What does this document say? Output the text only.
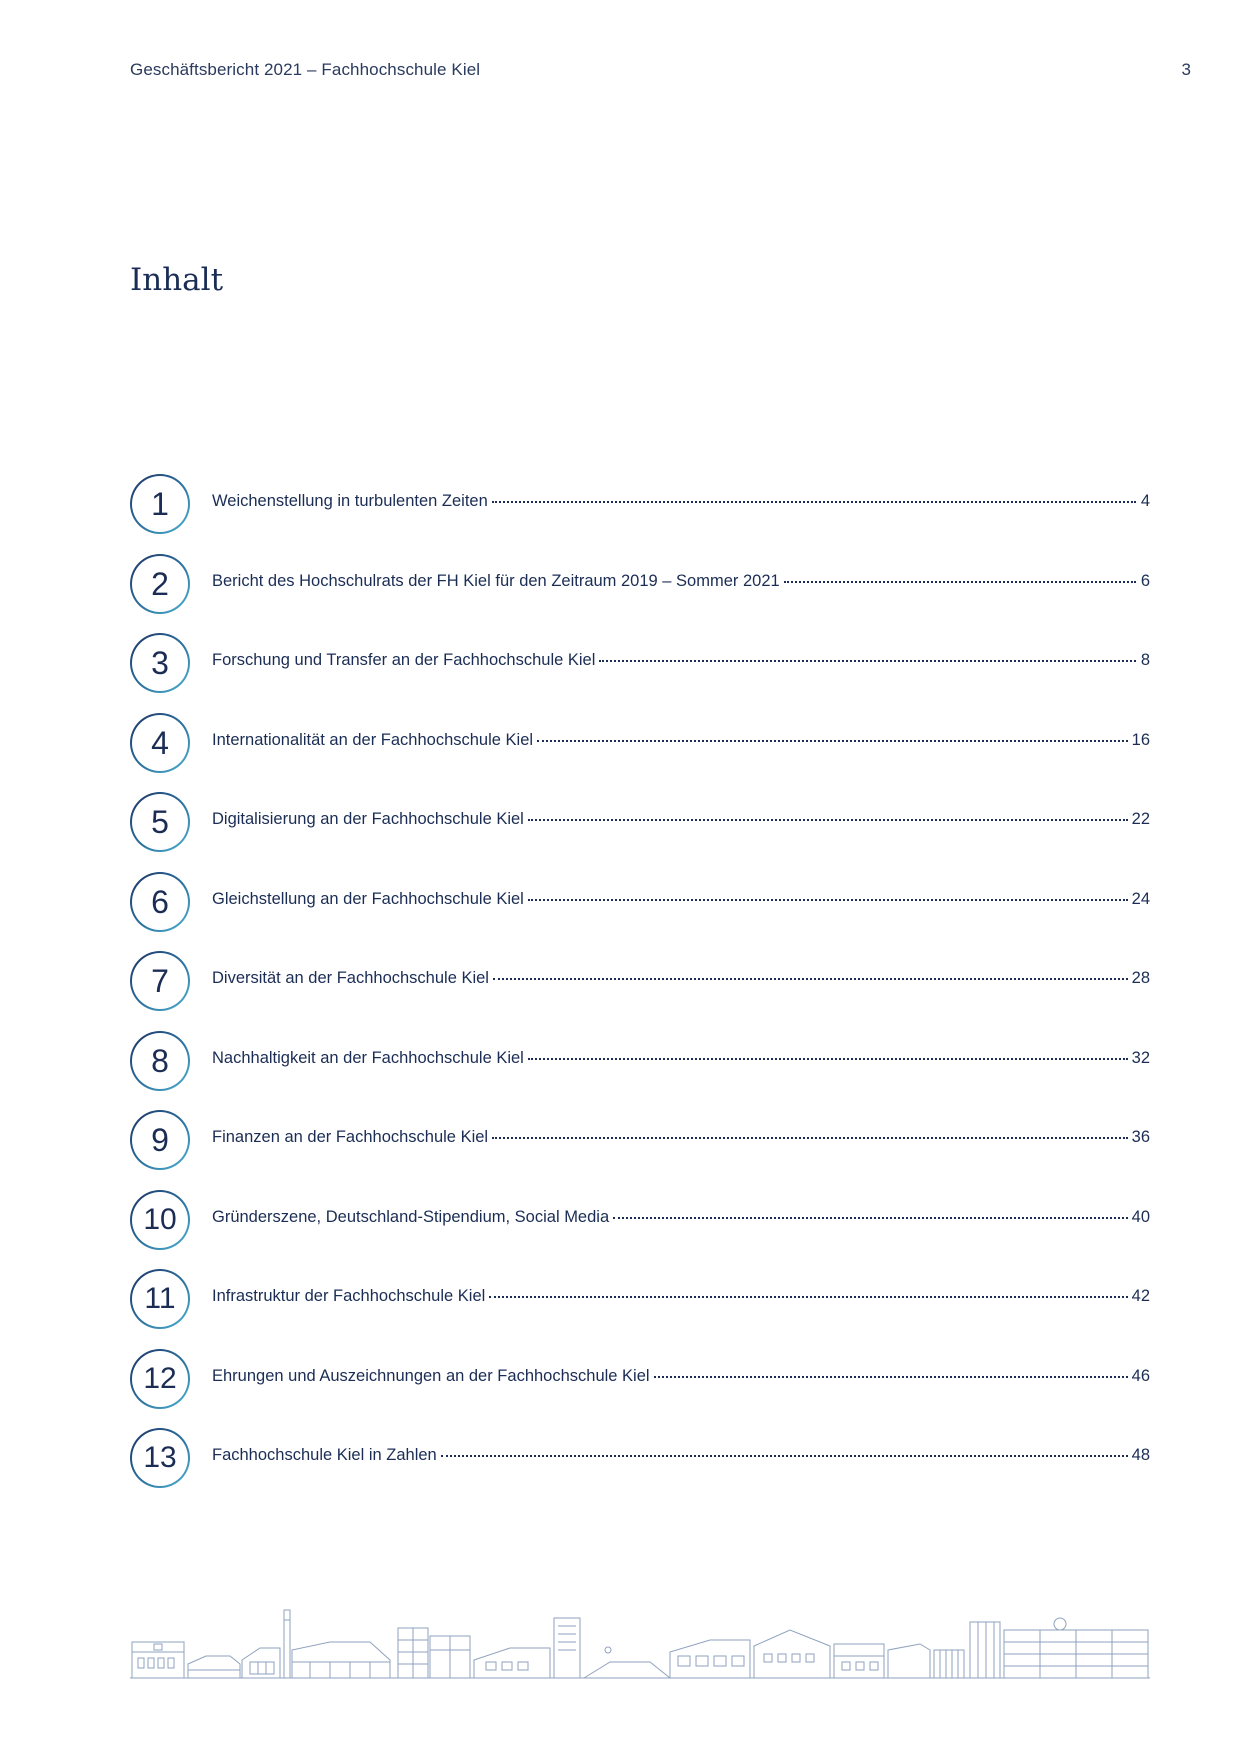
Geschäftsbericht 2021 – Fachhochschule Kiel	3
Inhalt
1	Weichenstellung in turbulenten Zeiten	4
2	Bericht des Hochschulrats der FH Kiel für den Zeitraum 2019 – Sommer 2021	6
3	Forschung und Transfer an der Fachhochschule Kiel	8
4	Internationalität an der Fachhochschule Kiel	16
5	Digitalisierung an der Fachhochschule Kiel	22
6	Gleichstellung an der Fachhochschule Kiel	24
7	Diversität an der Fachhochschule Kiel	28
8	Nachhaltigkeit an der Fachhochschule Kiel	32
9	Finanzen an der Fachhochschule Kiel	36
10 Gründerszene, Deutschland-Stipendium, Social Media	40
11 Infrastruktur der Fachhochschule Kiel	42
12 Ehrungen und Auszeichnungen an der Fachhochschule Kiel	46
13 Fachhochschule Kiel in Zahlen	48
